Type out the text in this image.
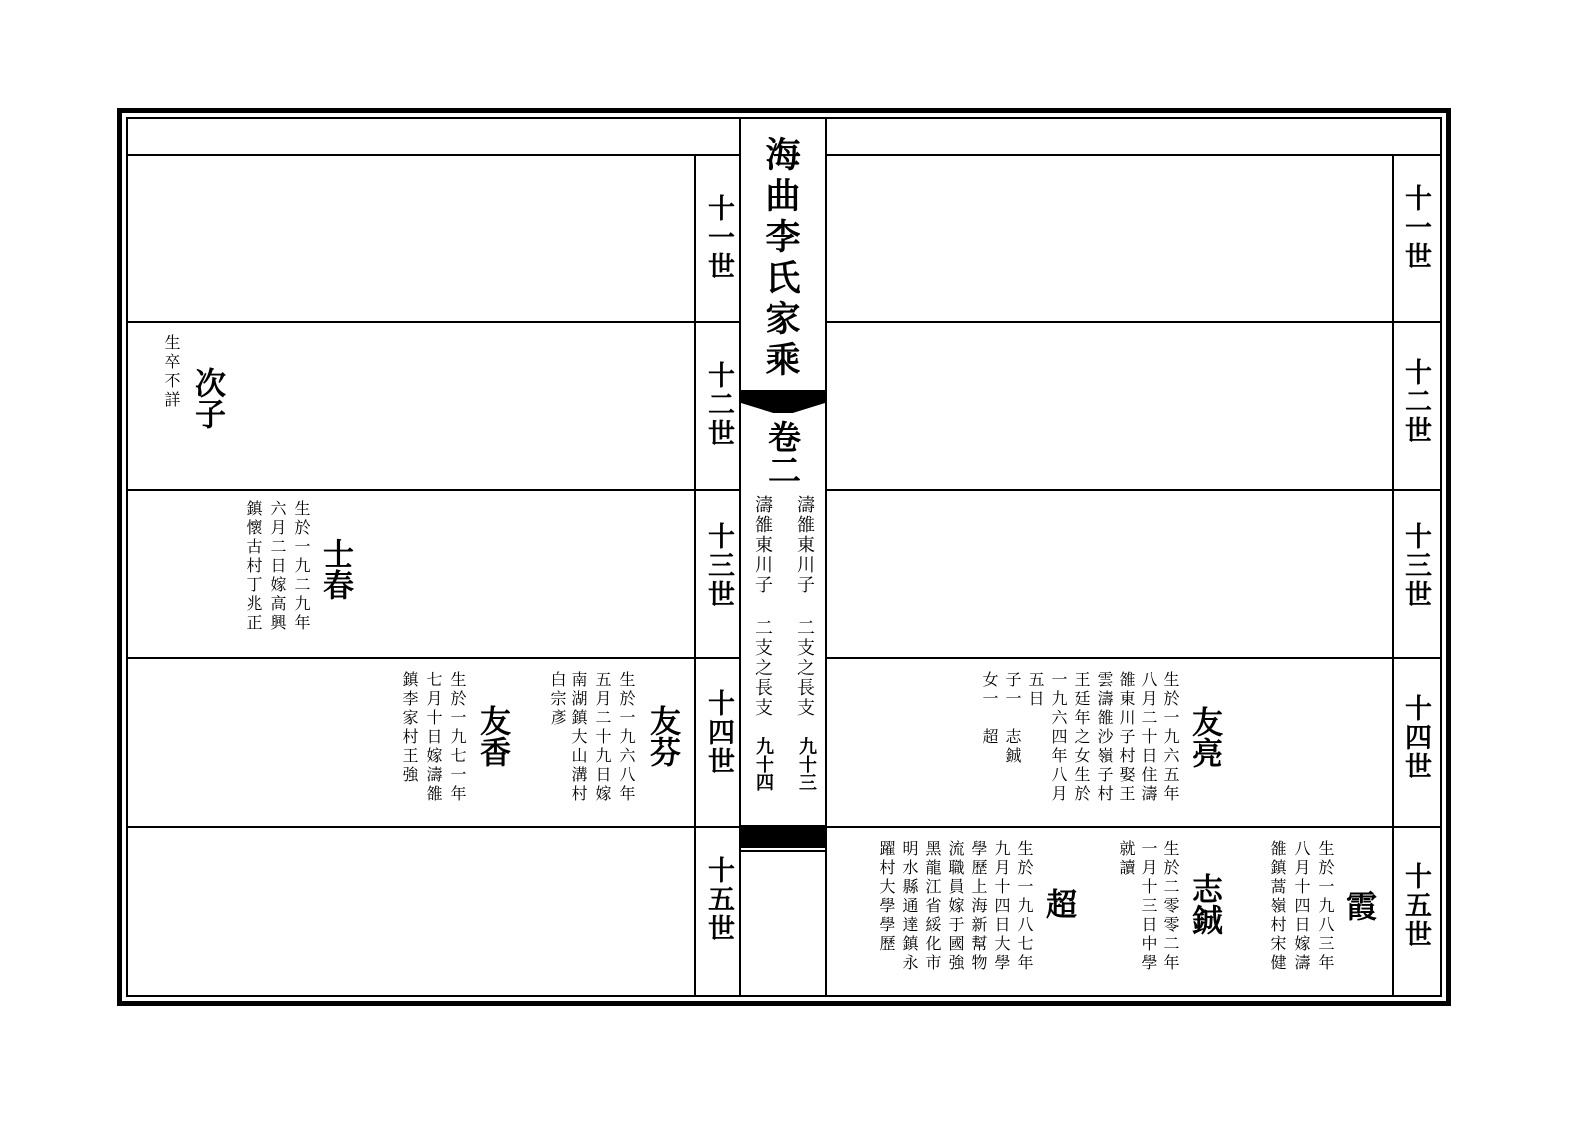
海曲李氏家乘
卷二
濤雒東川子
二支之長支
九十三
濤雒東川子
二支之長支
九十四
十一世
十二世
十三世
十四世
十五世
十一世
十二世
十三世
十四世
十五世
次子
生卒不詳
士春
生於一九二九年
六月二日嫁高興
鎮懷古村丁兆正
友芬
生於一九六八年
五月二十九日嫁
南湖鎮大山溝村
白宗彥
友香
生於一九七一年
七月十日嫁濤雒
鎮李家村王強	友亮
生於一九六五年
八月二十日住濤
雒東川子村娶王
雲濤雒沙嶺子村
王廷年之女生於
一九六四年八月
五日
子一　志鋮
女一　超
志鋮
生於二零零二年
一月十三日中學
就讀
超
生於一九八七年
九月十四日大學
學歷上海新幫物
流職員嫁于國強
黑龍江省綏化市
明水縣通達鎮永
躍村大學學歷	霞
生於一九八三年
八月十四日嫁濤
雒鎮蒿嶺村宋健
